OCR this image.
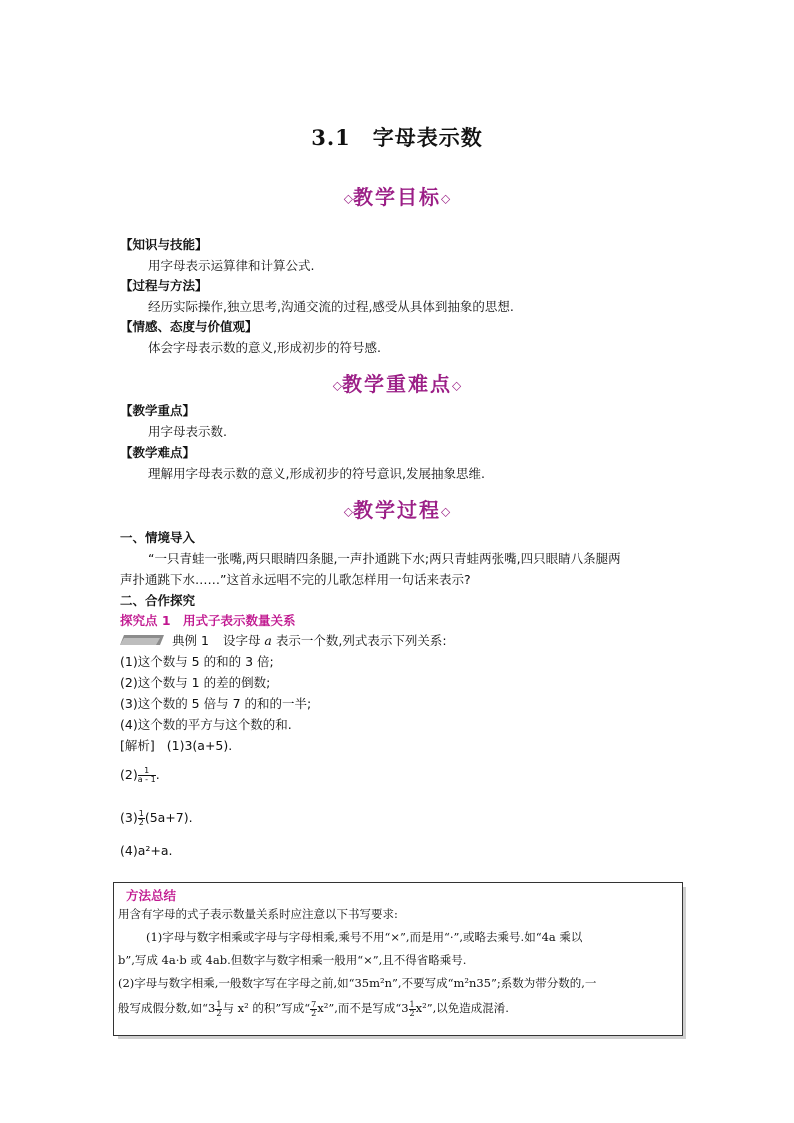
3.1　字母表示数
◇教学目标◇
【知识与技能】
用字母表示运算律和计算公式.
【过程与方法】
经历实际操作,独立思考,沟通交流的过程,感受从具体到抽象的思想.
【情感、态度与价值观】
体会字母表示数的意义,形成初步的符号感.
◇教学重难点◇
【教学重点】
用字母表示数.
【教学难点】
理解用字母表示数的意义,形成初步的符号意识,发展抽象思维.
◇教学过程◇
一、情境导入
“一只青蛙一张嘴,两只眼睛四条腿,一声扑通跳下水;两只青蛙两张嘴,四只眼睛八条腿两
声扑通跳下水……”这首永远唱不完的儿歌怎样用一句话来表示?
二、合作探究
探究点 1　用式子表示数量关系
典例 1 设字母 a 表示一个数,列式表示下列关系:
(1)这个数与 5 的和的 3 倍;
(2)这个数与 1 的差的倒数;
(3)这个数的 5 倍与 7 的和的一半;
(4)这个数的平方与这个数的和.
[解析] (1)3(a+5).
$(2) \frac{1}{a - 1}$ .
$(3) \frac{1}{2} (5a+7)$.
(4)a²+a.
方法总结
用含有字母的式子表示数量关系时应注意以下书写要求:
(1)字母与数字相乘或字母与字母相乘,乘号不用“×”,而是用“·”,或略去乘号.如“4a 乘以
b”,写成 4a·b 或 4ab.但数字与数字相乘一般用“×”,且不得省略乘号.
(2)字母与数字相乘,一般数字写在字母之前,如“35m²n”,不要写成“m²n35”;系数为带分数的,一
般写成假分数,如“$3 \frac{1}{2}$ 与 x² 的积”写成“ $\frac{7}{2} x^2$”,而不是写成“$3 \frac{1}{2} x^2$”,以免造成混淆.
